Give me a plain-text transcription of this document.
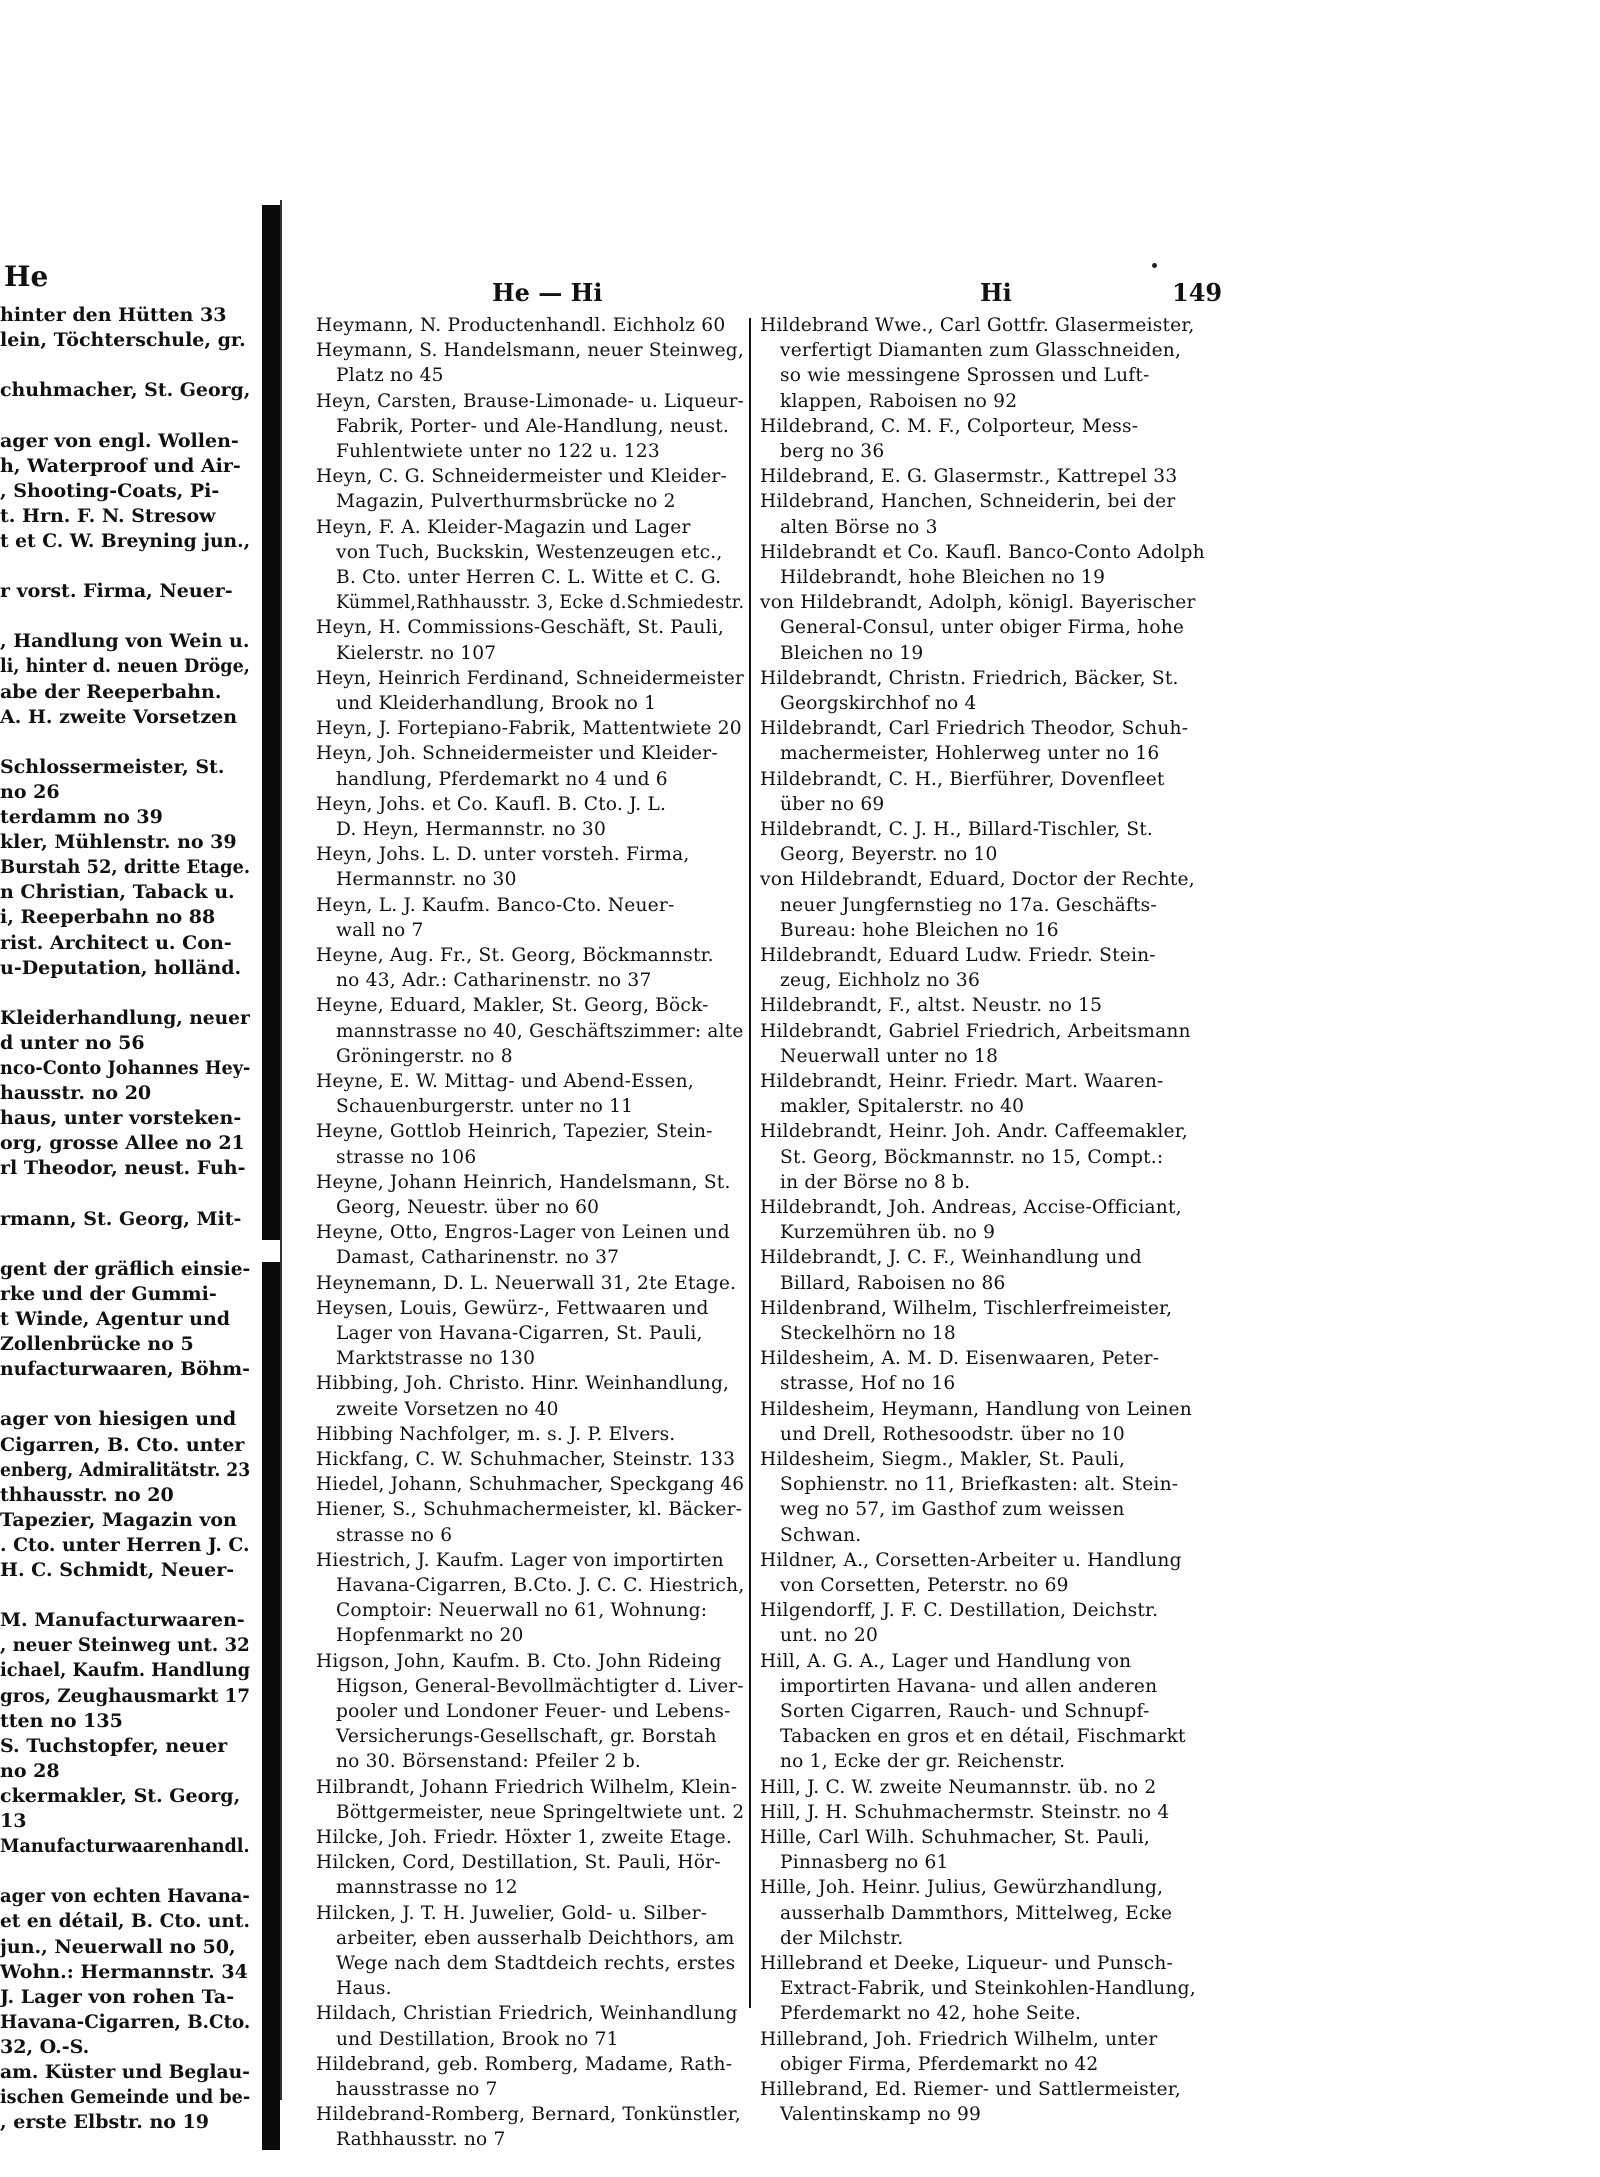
He
hinter den Hütten 33
lein, Töchterschule, gr.
chuhmacher, St. Georg,
ager von engl. Wollen-
h, Waterproof und Air-
, Shooting-Coats, Pi-
t. Hrn. F. N. Stresow
t et C. W. Breyning jun.,
r vorst. Firma, Neuer-
, Handlung von Wein u.
li, hinter d. neuen Dröge,
abe der Reeperbahn.
A. H. zweite Vorsetzen
Schlossermeister, St.
no 26
terdamm no 39
kler, Mühlenstr. no 39
Burstah 52, dritte Etage.
n Christian, Taback u.
i, Reeperbahn no 88
rist. Architect u. Con-
u-Deputation, holländ.
Kleiderhandlung, neuer
d unter no 56
nco-Conto Johannes Hey-
hausstr. no 20
haus, unter vorsteken-
org, grosse Allee no 21
rl Theodor, neust. Fuh-
rmann, St. Georg, Mit-
gent der gräflich einsie-
rke und der Gummi-
t Winde, Agentur und
Zollenbrücke no 5
nufacturwaaren, Böhm-
ager von hiesigen und
Cigarren, B. Cto. unter
enberg, Admiralitätstr. 23
thhausstr. no 20
Tapezier, Magazin von
. Cto. unter Herren J. C.
H. C. Schmidt, Neuer-
M. Manufacturwaaren-
, neuer Steinweg unt. 32
ichael, Kaufm. Handlung
gros, Zeughausmarkt 17
tten no 135
S. Tuchstopfer, neuer
no 28
ckermakler, St. Georg,
13
Manufacturwaarenhandl.
ager von echten Havana-
et en détail, B. Cto. unt.
jun., Neuerwall no 50,
Wohn.: Hermannstr. 34
J. Lager von rohen Ta-
Havana-Cigarren, B.Cto.
32, O.-S.
am. Küster und Beglau-
ischen Gemeinde und be-
, erste Elbstr. no 19
He — Hi	Hi	149
Heymann, N. Productenhandl. Eichholz 60
Heymann, S. Handelsmann, neuer Steinweg,
Platz no 45
Heyn, Carsten, Brause-Limonade- u. Liqueur-
Fabrik, Porter- und Ale-Handlung, neust.
Fuhlentwiete unter no 122 u. 123
Heyn, C. G. Schneidermeister und Kleider-
Magazin, Pulverthurmsbrücke no 2
Heyn, F. A. Kleider-Magazin und Lager
von Tuch, Buckskin, Westenzeugen etc.,
B. Cto. unter Herren C. L. Witte et C. G.
Kümmel,Rathhausstr. 3, Ecke d.Schmiedestr.
Heyn, H. Commissions-Geschäft, St. Pauli,
Kielerstr. no 107
Heyn, Heinrich Ferdinand, Schneidermeister
und Kleiderhandlung, Brook no 1
Heyn, J. Fortepiano-Fabrik, Mattentwiete 20
Heyn, Joh. Schneidermeister und Kleider-
handlung, Pferdemarkt no 4 und 6
Heyn, Johs. et Co. Kaufl. B. Cto. J. L.
D. Heyn, Hermannstr. no 30
Heyn, Johs. L. D. unter vorsteh. Firma,
Hermannstr. no 30
Heyn, L. J. Kaufm. Banco-Cto. Neuer-
wall no 7
Heyne, Aug. Fr., St. Georg, Böckmannstr.
no 43, Adr.: Catharinenstr. no 37
Heyne, Eduard, Makler, St. Georg, Böck-
mannstrasse no 40, Geschäftszimmer: alte
Gröningerstr. no 8
Heyne, E. W. Mittag- und Abend-Essen,
Schauenburgerstr. unter no 11
Heyne, Gottlob Heinrich, Tapezier, Stein-
strasse no 106
Heyne, Johann Heinrich, Handelsmann, St.
Georg, Neuestr. über no 60
Heyne, Otto, Engros-Lager von Leinen und
Damast, Catharinenstr. no 37
Heynemann, D. L. Neuerwall 31, 2te Etage.
Heysen, Louis, Gewürz-, Fettwaaren und
Lager von Havana-Cigarren, St. Pauli,
Marktstrasse no 130
Hibbing, Joh. Christo. Hinr. Weinhandlung,
zweite Vorsetzen no 40
Hibbing Nachfolger, m. s. J. P. Elvers.
Hickfang, C. W. Schuhmacher, Steinstr. 133
Hiedel, Johann, Schuhmacher, Speckgang 46
Hiener, S., Schuhmachermeister, kl. Bäcker-
strasse no 6
Hiestrich, J. Kaufm. Lager von importirten
Havana-Cigarren, B.Cto. J. C. C. Hiestrich,
Comptoir: Neuerwall no 61, Wohnung:
Hopfenmarkt no 20
Higson, John, Kaufm. B. Cto. John Rideing
Higson, General-Bevollmächtigter d. Liver-
pooler und Londoner Feuer- und Lebens-
Versicherungs-Gesellschaft, gr. Borstah
no 30. Börsenstand: Pfeiler 2 b.
Hilbrandt, Johann Friedrich Wilhelm, Klein-
Böttgermeister, neue Springeltwiete unt. 2
Hilcke, Joh. Friedr. Höxter 1, zweite Etage.
Hilcken, Cord, Destillation, St. Pauli, Hör-
mannstrasse no 12
Hilcken, J. T. H. Juwelier, Gold- u. Silber-
arbeiter, eben ausserhalb Deichthors, am
Wege nach dem Stadtdeich rechts, erstes
Haus.
Hildach, Christian Friedrich, Weinhandlung
und Destillation, Brook no 71
Hildebrand, geb. Romberg, Madame, Rath-
hausstrasse no 7
Hildebrand-Romberg, Bernard, Tonkünstler,
Rathhausstr. no 7
Hildebrand Wwe., Carl Gottfr. Glasermeister,
verfertigt Diamanten zum Glasschneiden,
so wie messingene Sprossen und Luft-
klappen, Raboisen no 92
Hildebrand, C. M. F., Colporteur, Mess-
berg no 36
Hildebrand, E. G. Glasermstr., Kattrepel 33
Hildebrand, Hanchen, Schneiderin, bei der
alten Börse no 3
Hildebrandt et Co. Kaufl. Banco-Conto Adolph
Hildebrandt, hohe Bleichen no 19
von Hildebrandt, Adolph, königl. Bayerischer
General-Consul, unter obiger Firma, hohe
Bleichen no 19
Hildebrandt, Christn. Friedrich, Bäcker, St.
Georgskirchhof no 4
Hildebrandt, Carl Friedrich Theodor, Schuh-
machermeister, Hohlerweg unter no 16
Hildebrandt, C. H., Bierführer, Dovenfleet
über no 69
Hildebrandt, C. J. H., Billard-Tischler, St.
Georg, Beyerstr. no 10
von Hildebrandt, Eduard, Doctor der Rechte,
neuer Jungfernstieg no 17a. Geschäfts-
Bureau: hohe Bleichen no 16
Hildebrandt, Eduard Ludw. Friedr. Stein-
zeug, Eichholz no 36
Hildebrandt, F., altst. Neustr. no 15
Hildebrandt, Gabriel Friedrich, Arbeitsmann
Neuerwall unter no 18
Hildebrandt, Heinr. Friedr. Mart. Waaren-
makler, Spitalerstr. no 40
Hildebrandt, Heinr. Joh. Andr. Caffeemakler,
St. Georg, Böckmannstr. no 15, Compt.:
in der Börse no 8 b.
Hildebrandt, Joh. Andreas, Accise-Officiant,
Kurzemühren üb. no 9
Hildebrandt, J. C. F., Weinhandlung und
Billard, Raboisen no 86
Hildenbrand, Wilhelm, Tischlerfreimeister,
Steckelhörn no 18
Hildesheim, A. M. D. Eisenwaaren, Peter-
strasse, Hof no 16
Hildesheim, Heymann, Handlung von Leinen
und Drell, Rothesoodstr. über no 10
Hildesheim, Siegm., Makler, St. Pauli,
Sophienstr. no 11, Briefkasten: alt. Stein-
weg no 57, im Gasthof zum weissen
Schwan.
Hildner, A., Corsetten-Arbeiter u. Handlung
von Corsetten, Peterstr. no 69
Hilgendorff, J. F. C. Destillation, Deichstr.
unt. no 20
Hill, A. G. A., Lager und Handlung von
importirten Havana- und allen anderen
Sorten Cigarren, Rauch- und Schnupf-
Tabacken en gros et en détail, Fischmarkt
no 1, Ecke der gr. Reichenstr.
Hill, J. C. W. zweite Neumannstr. üb. no 2
Hill, J. H. Schuhmachermstr. Steinstr. no 4
Hille, Carl Wilh. Schuhmacher, St. Pauli,
Pinnasberg no 61
Hille, Joh. Heinr. Julius, Gewürzhandlung,
ausserhalb Dammthors, Mittelweg, Ecke
der Milchstr.
Hillebrand et Deeke, Liqueur- und Punsch-
Extract-Fabrik, und Steinkohlen-Handlung,
Pferdemarkt no 42, hohe Seite.
Hillebrand, Joh. Friedrich Wilhelm, unter
obiger Firma, Pferdemarkt no 42
Hillebrand, Ed. Riemer- und Sattlermeister,
Valentinskamp no 99
